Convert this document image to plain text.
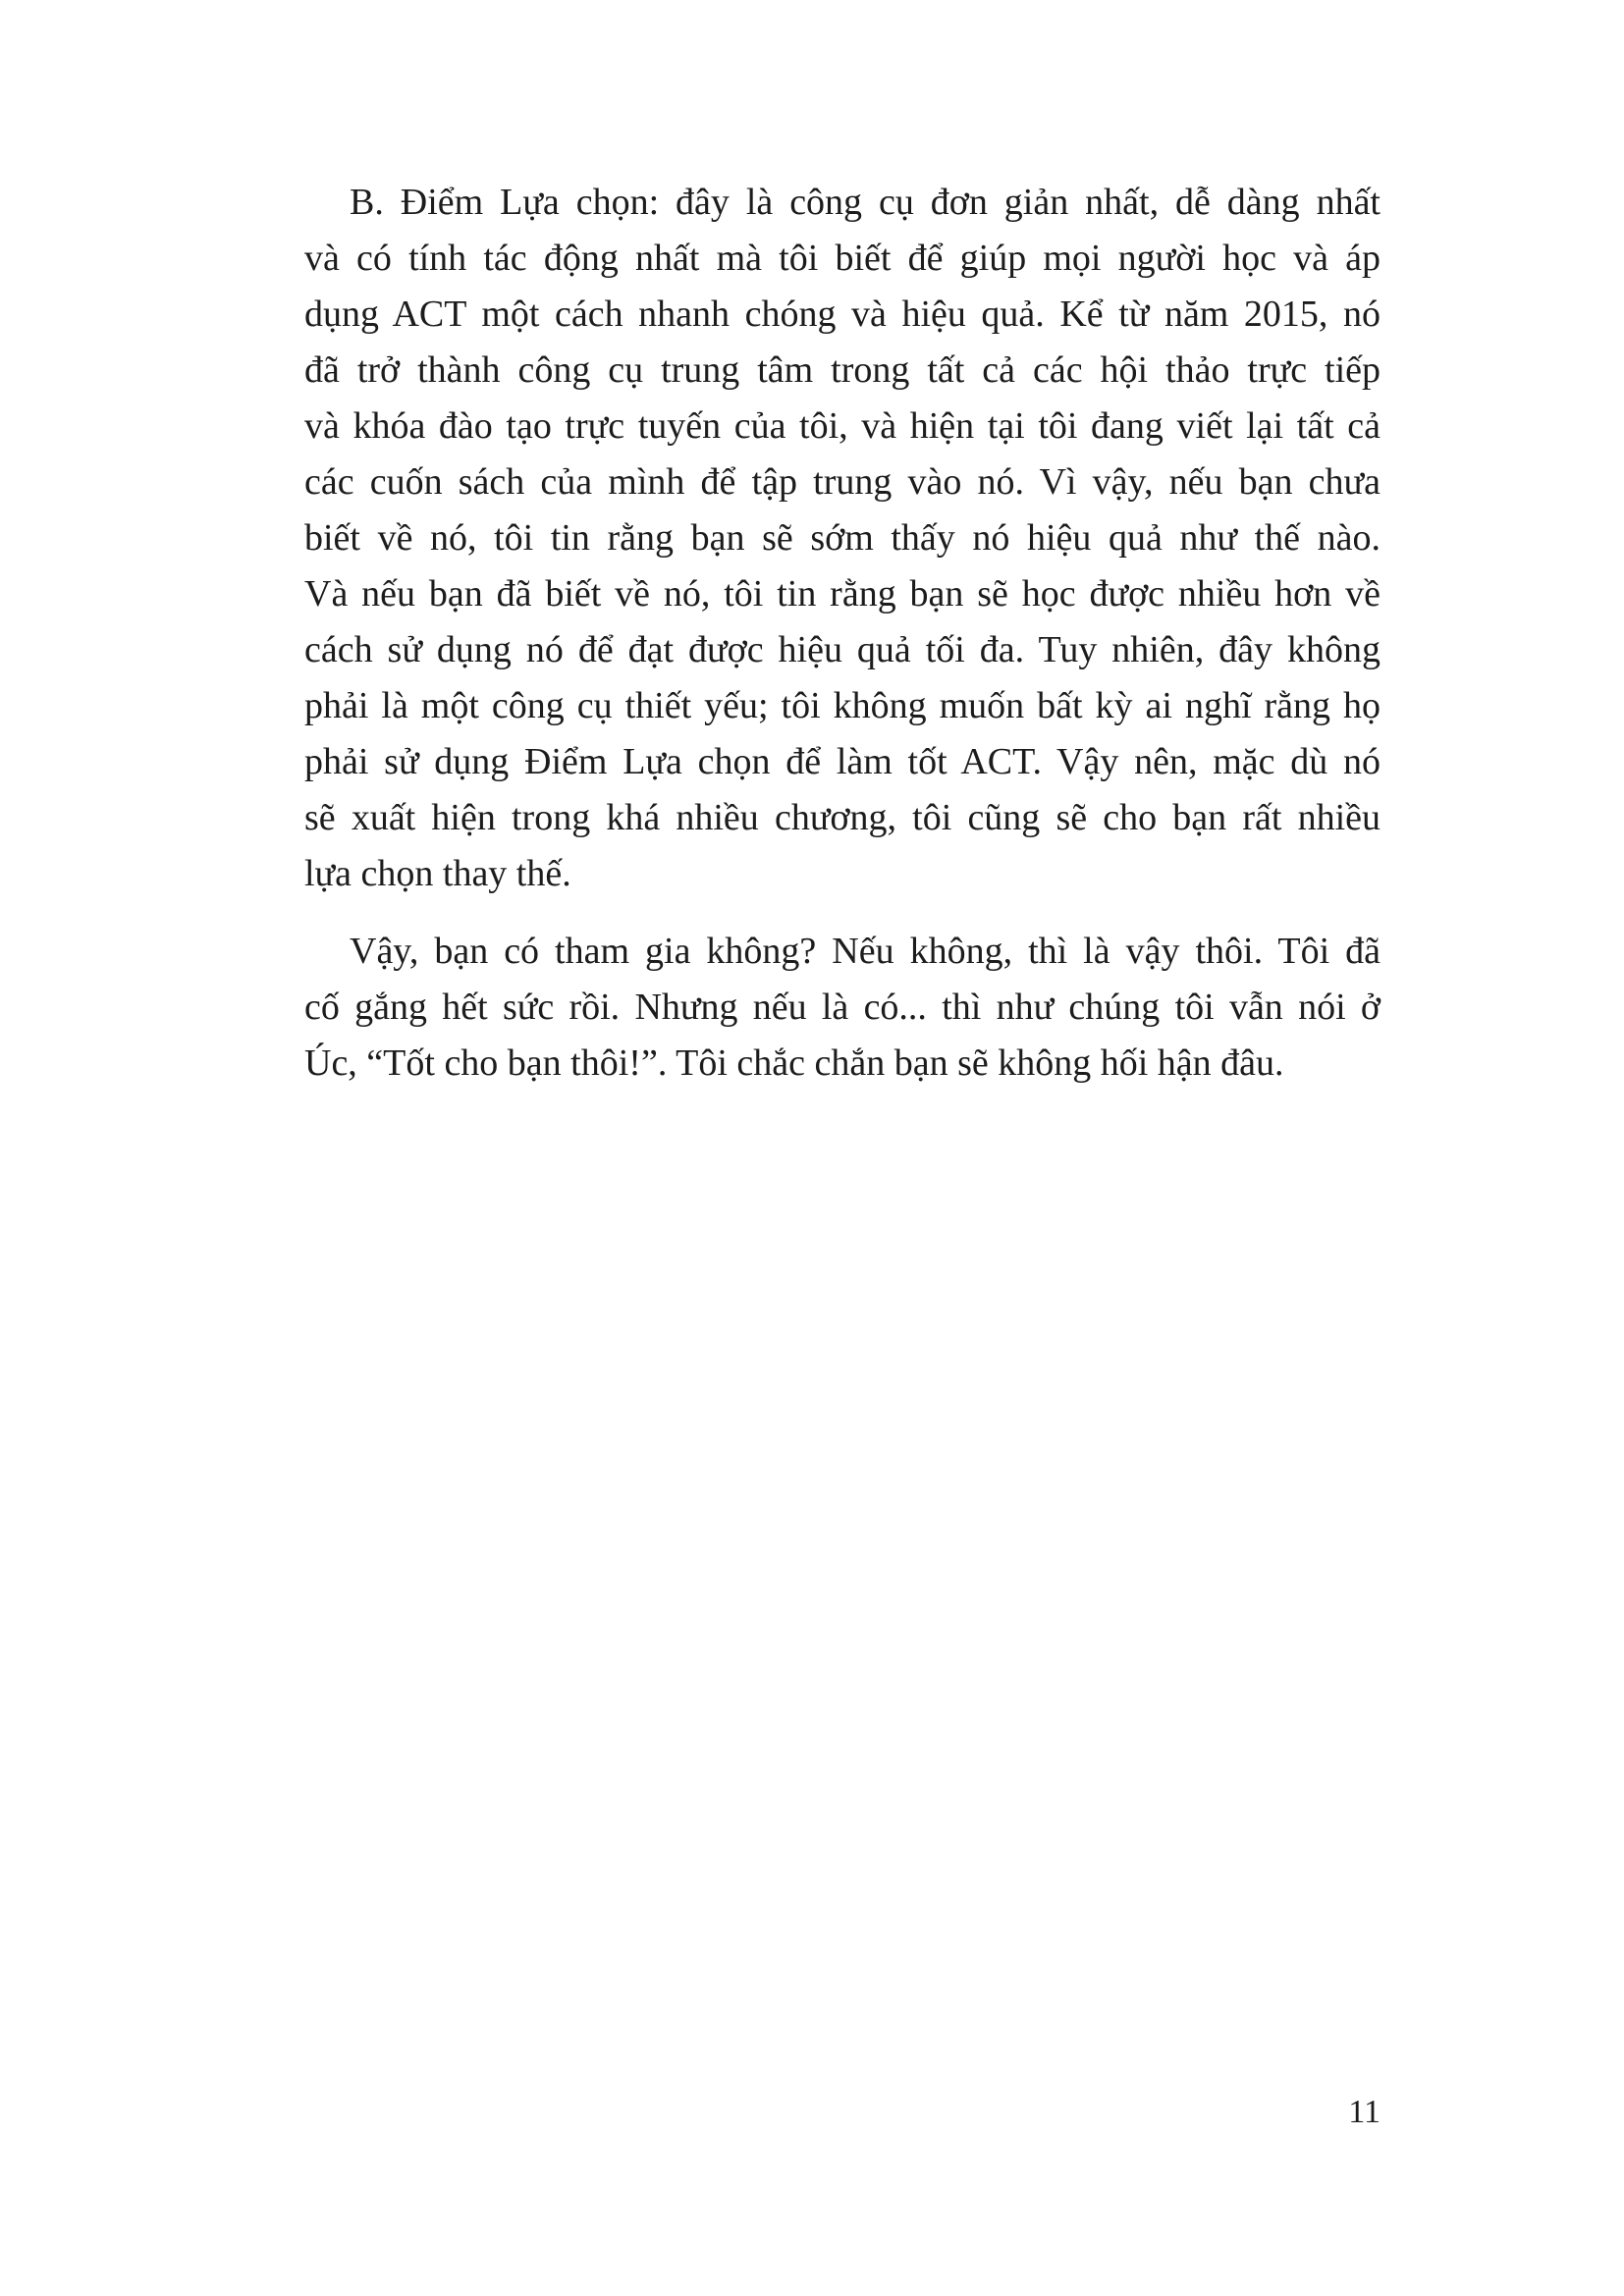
B. Điểm Lựa chọn: đây là công cụ đơn giản nhất, dễ dàng nhất
và có tính tác động nhất mà tôi biết để giúp mọi người học và áp
dụng ACT một cách nhanh chóng và hiệu quả. Kể từ năm 2015, nó
đã trở thành công cụ trung tâm trong tất cả các hội thảo trực tiếp
và khóa đào tạo trực tuyến của tôi, và hiện tại tôi đang viết lại tất cả
các cuốn sách của mình để tập trung vào nó. Vì vậy, nếu bạn chưa
biết về nó, tôi tin rằng bạn sẽ sớm thấy nó hiệu quả như thế nào.
Và nếu bạn đã biết về nó, tôi tin rằng bạn sẽ học được nhiều hơn về
cách sử dụng nó để đạt được hiệu quả tối đa. Tuy nhiên, đây không
phải là một công cụ thiết yếu; tôi không muốn bất kỳ ai nghĩ rằng họ
phải sử dụng Điểm Lựa chọn để làm tốt ACT. Vậy nên, mặc dù nó
sẽ xuất hiện trong khá nhiều chương, tôi cũng sẽ cho bạn rất nhiều
lựa chọn thay thế.
Vậy, bạn có tham gia không? Nếu không, thì là vậy thôi. Tôi đã
cố gắng hết sức rồi. Nhưng nếu là có... thì như chúng tôi vẫn nói ở
Úc, “Tốt cho bạn thôi!”. Tôi chắc chắn bạn sẽ không hối hận đâu.
11
